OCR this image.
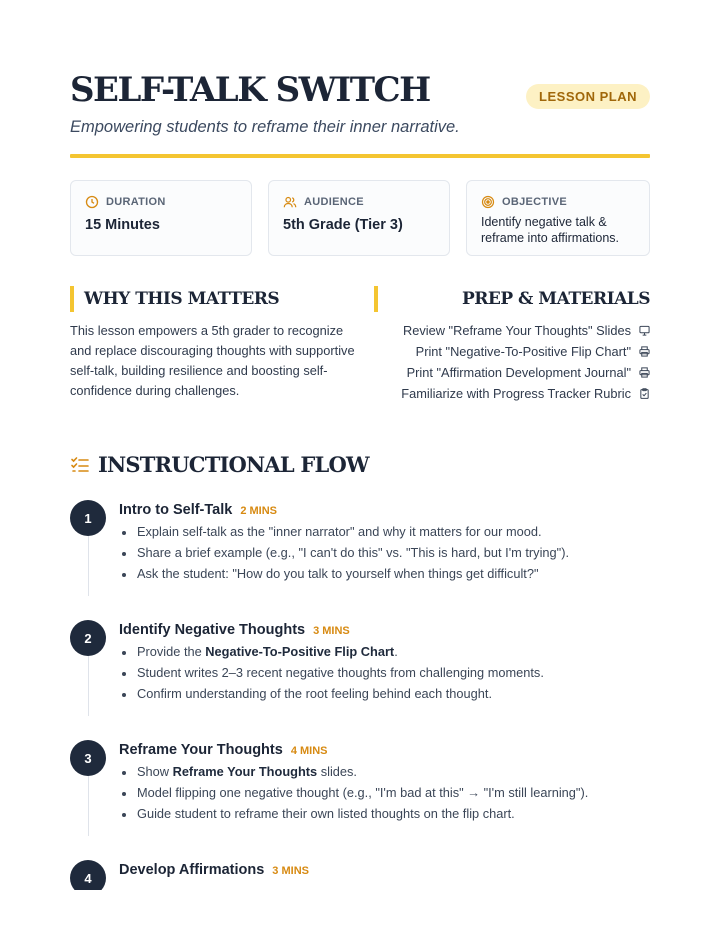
SELF-TALK SWITCH	LESSON PLAN

Empowering students to reframe their inner narrative.

DURATION
15 Minutes
AUDIENCE
5th Grade (Tier 3)
OBJECTIVE
Identify negative talk & reframe into affirmations.
WHY THIS MATTERS

This lesson empowers a 5th grader to recognize and replace discouraging thoughts with supportive self-talk, building resilience and boosting self-confidence during challenges.

PREP & MATERIALS
Review "Reframe Your Thoughts" Slides
Print "Negative-To-Positive Flip Chart"
Print "Affirmation Development Journal"
Familiarize with Progress Tracker Rubric
INSTRUCTIONAL FLOW
1	Intro to Self-Talk 2 MINS
Explain self-talk as the "inner narrator" and why it matters for our mood.
Share a brief example (e.g., "I can't do this" vs. "This is hard, but I'm trying").
Ask the student: "How do you talk to yourself when things get difficult?"
2	Identify Negative Thoughts 3 MINS
Provide the Negative-To-Positive Flip Chart.
Student writes 2–3 recent negative thoughts from challenging moments.
Confirm understanding of the root feeling behind each thought.
3	Reframe Your Thoughts 4 MINS
Show Reframe Your Thoughts slides.
Model flipping one negative thought (e.g., "I'm bad at this" → "I'm still learning").
Guide student to reframe their own listed thoughts on the flip chart.
4	Develop Affirmations 3 MINS
